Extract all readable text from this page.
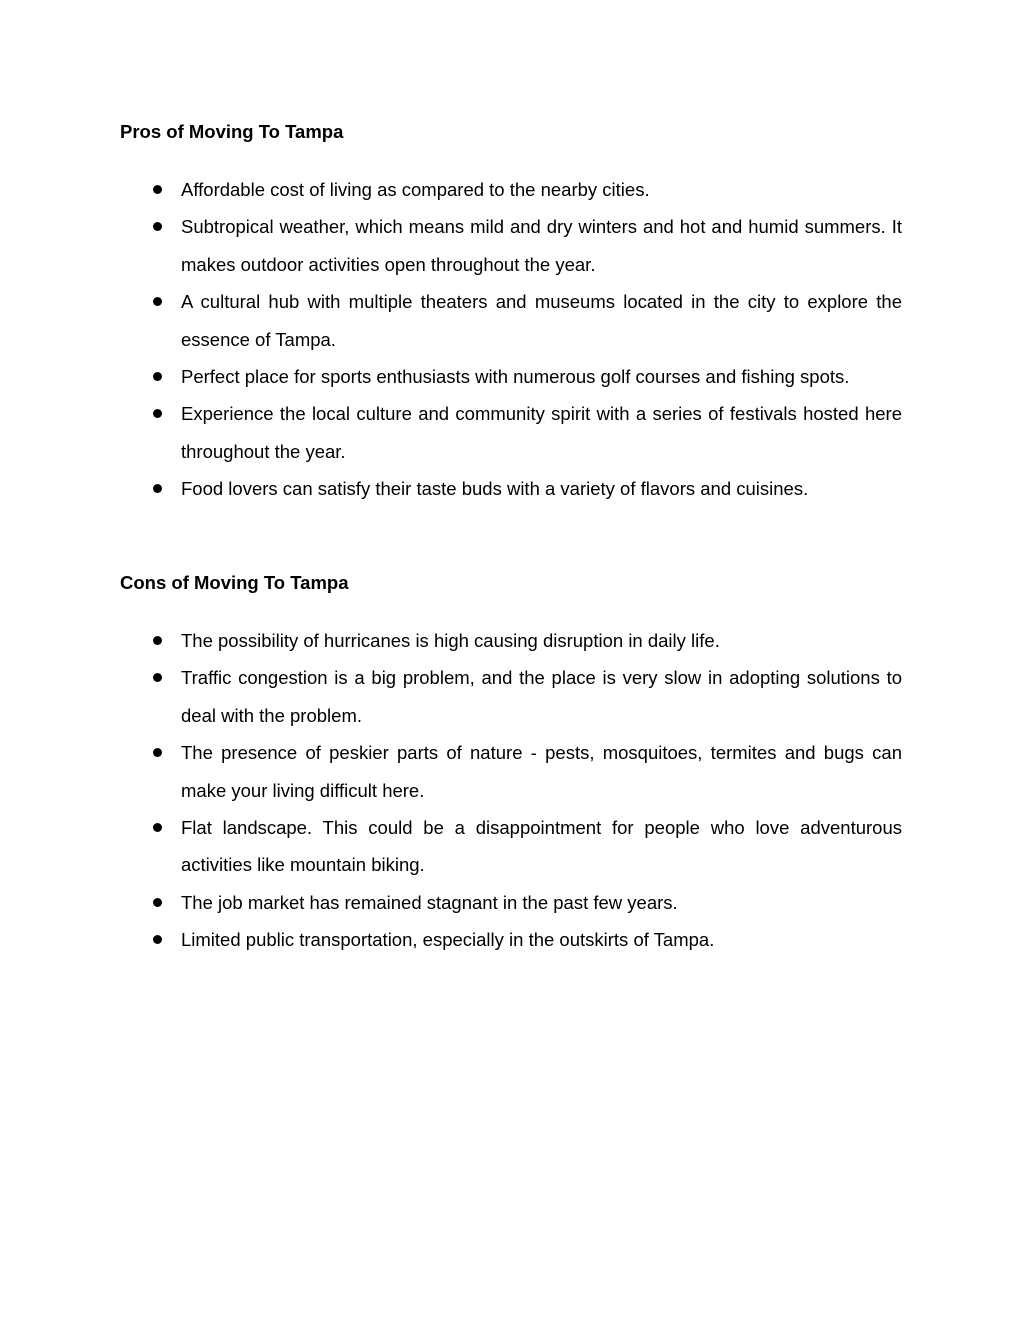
Pros of Moving To Tampa
Affordable cost of living as compared to the nearby cities.
Subtropical weather, which means mild and dry winters and hot and humid summers. It makes outdoor activities open throughout the year.
A cultural hub with multiple theaters and museums located in the city to explore the essence of Tampa.
Perfect place for sports enthusiasts with numerous golf courses and fishing spots.
Experience the local culture and community spirit with a series of festivals hosted here throughout the year.
Food lovers can satisfy their taste buds with a variety of flavors and cuisines.
Cons of Moving To Tampa
The possibility of hurricanes is high causing disruption in daily life.
Traffic congestion is a big problem, and the place is very slow in adopting solutions to deal with the problem.
The presence of peskier parts of nature - pests, mosquitoes, termites and bugs can make your living difficult here.
Flat landscape. This could be a disappointment for people who love adventurous activities like mountain biking.
The job market has remained stagnant in the past few years.
Limited public transportation, especially in the outskirts of Tampa.
